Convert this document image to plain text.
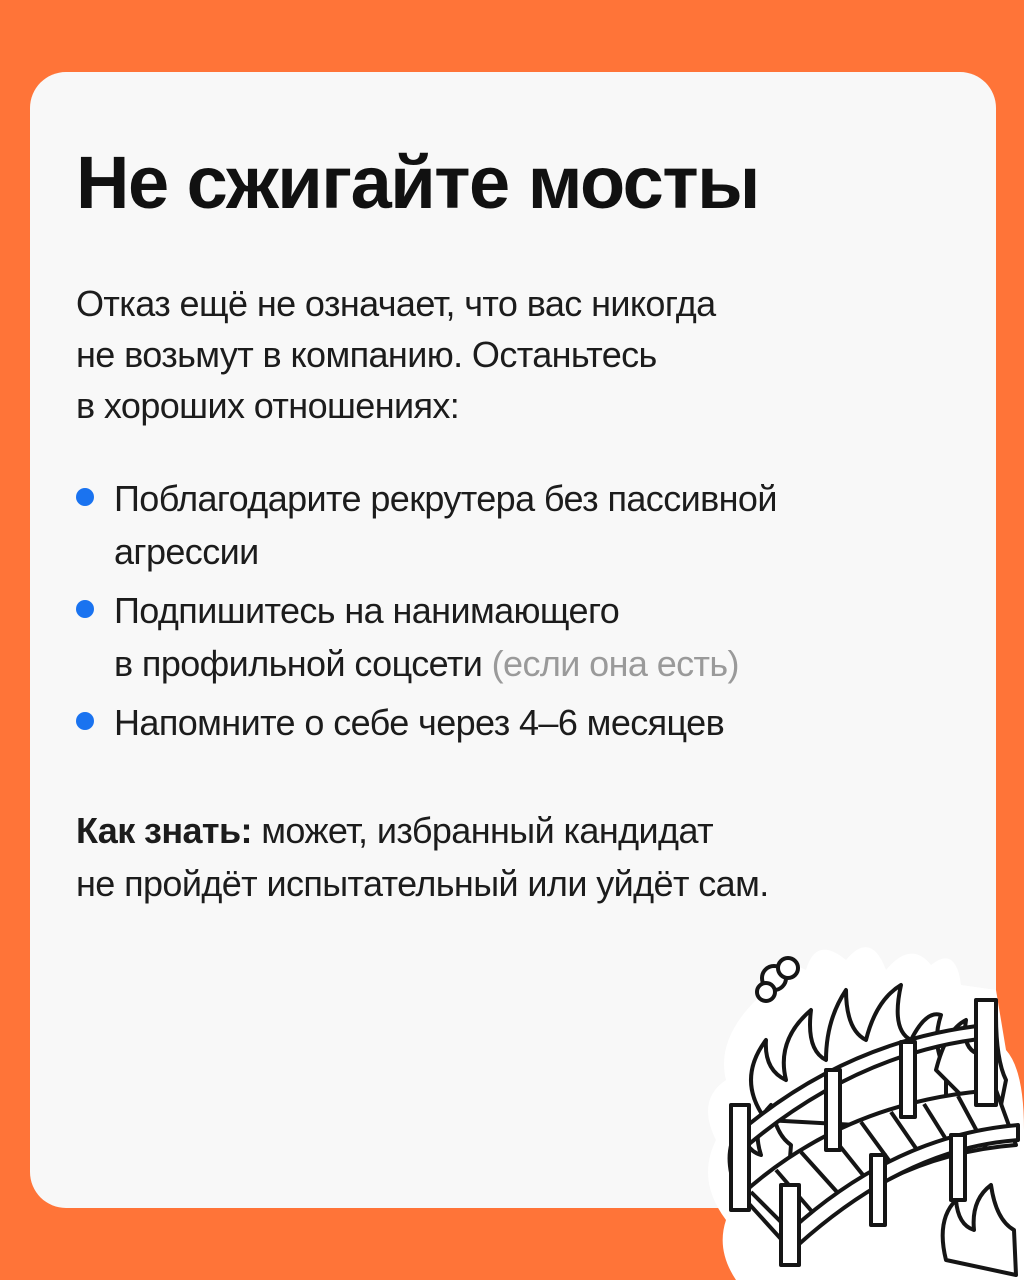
Не сжигайте мосты

Отказ ещё не означает, что вас никогда
не возьмут в компанию. Останьтесь
в хороших отношениях:

Поблагодарите рекрутера без пассивной
агрессии
Подпишитесь на нанимающего
в профильной соцсети (если она есть)
Напомните о себе через 4–6 месяцев

Как знать: может, избранный кандидат
не пройдёт испытательный или уйдёт сам.
